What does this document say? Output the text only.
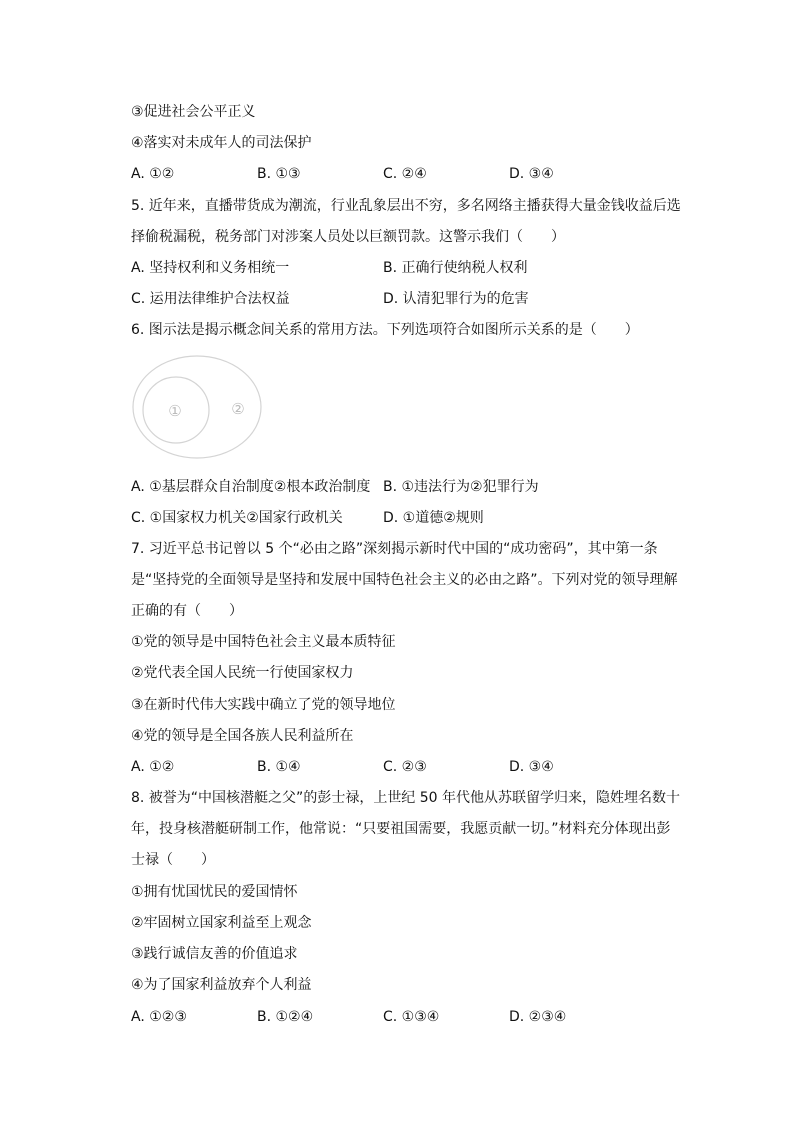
③促进社会公平正义
④落实对未成年人的司法保护
A. ①②	B. ①③	C. ②④	D. ③④
5. 近年来，直播带货成为潮流，行业乱象层出不穷，多名网络主播获得大量金钱收益后选
择偷税漏税，税务部门对涉案人员处以巨额罚款。这警示我们（　　）
A. 坚持权利和义务相统一	B. 正确行使纳税人权利
C. 运用法律维护合法权益	D. 认清犯罪行为的危害
6. 图示法是揭示概念间关系的常用方法。下列选项符合如图所示关系的是（　　）
①	②
A. ①基层群众自治制度②根本政治制度 B. ①违法行为②犯罪行为
C. ①国家权力机关②国家行政机关	D. ①道德②规则
7. 习近平总书记曾以 5 个“必由之路”深刻揭示新时代中国的“成功密码”，其中第一条
是“坚持党的全面领导是坚持和发展中国特色社会主义的必由之路”。下列对党的领导理解
正确的有（　　）
①党的领导是中国特色社会主义最本质特征
②党代表全国人民统一行使国家权力
③在新时代伟大实践中确立了党的领导地位
④党的领导是全国各族人民利益所在
A. ①②	B. ①④	C. ②③	D. ③④
8. 被誉为“中国核潜艇之父”的彭士禄，上世纪 50 年代他从苏联留学归来，隐姓埋名数十
年，投身核潜艇研制工作，他常说：“只要祖国需要，我愿贡献一切。”材料充分体现出彭
士禄（　　）
①拥有忧国忧民的爱国情怀
②牢固树立国家利益至上观念
③践行诚信友善的价值追求
④为了国家利益放弃个人利益
A. ①②③	B. ①②④	C. ①③④	D. ②③④
